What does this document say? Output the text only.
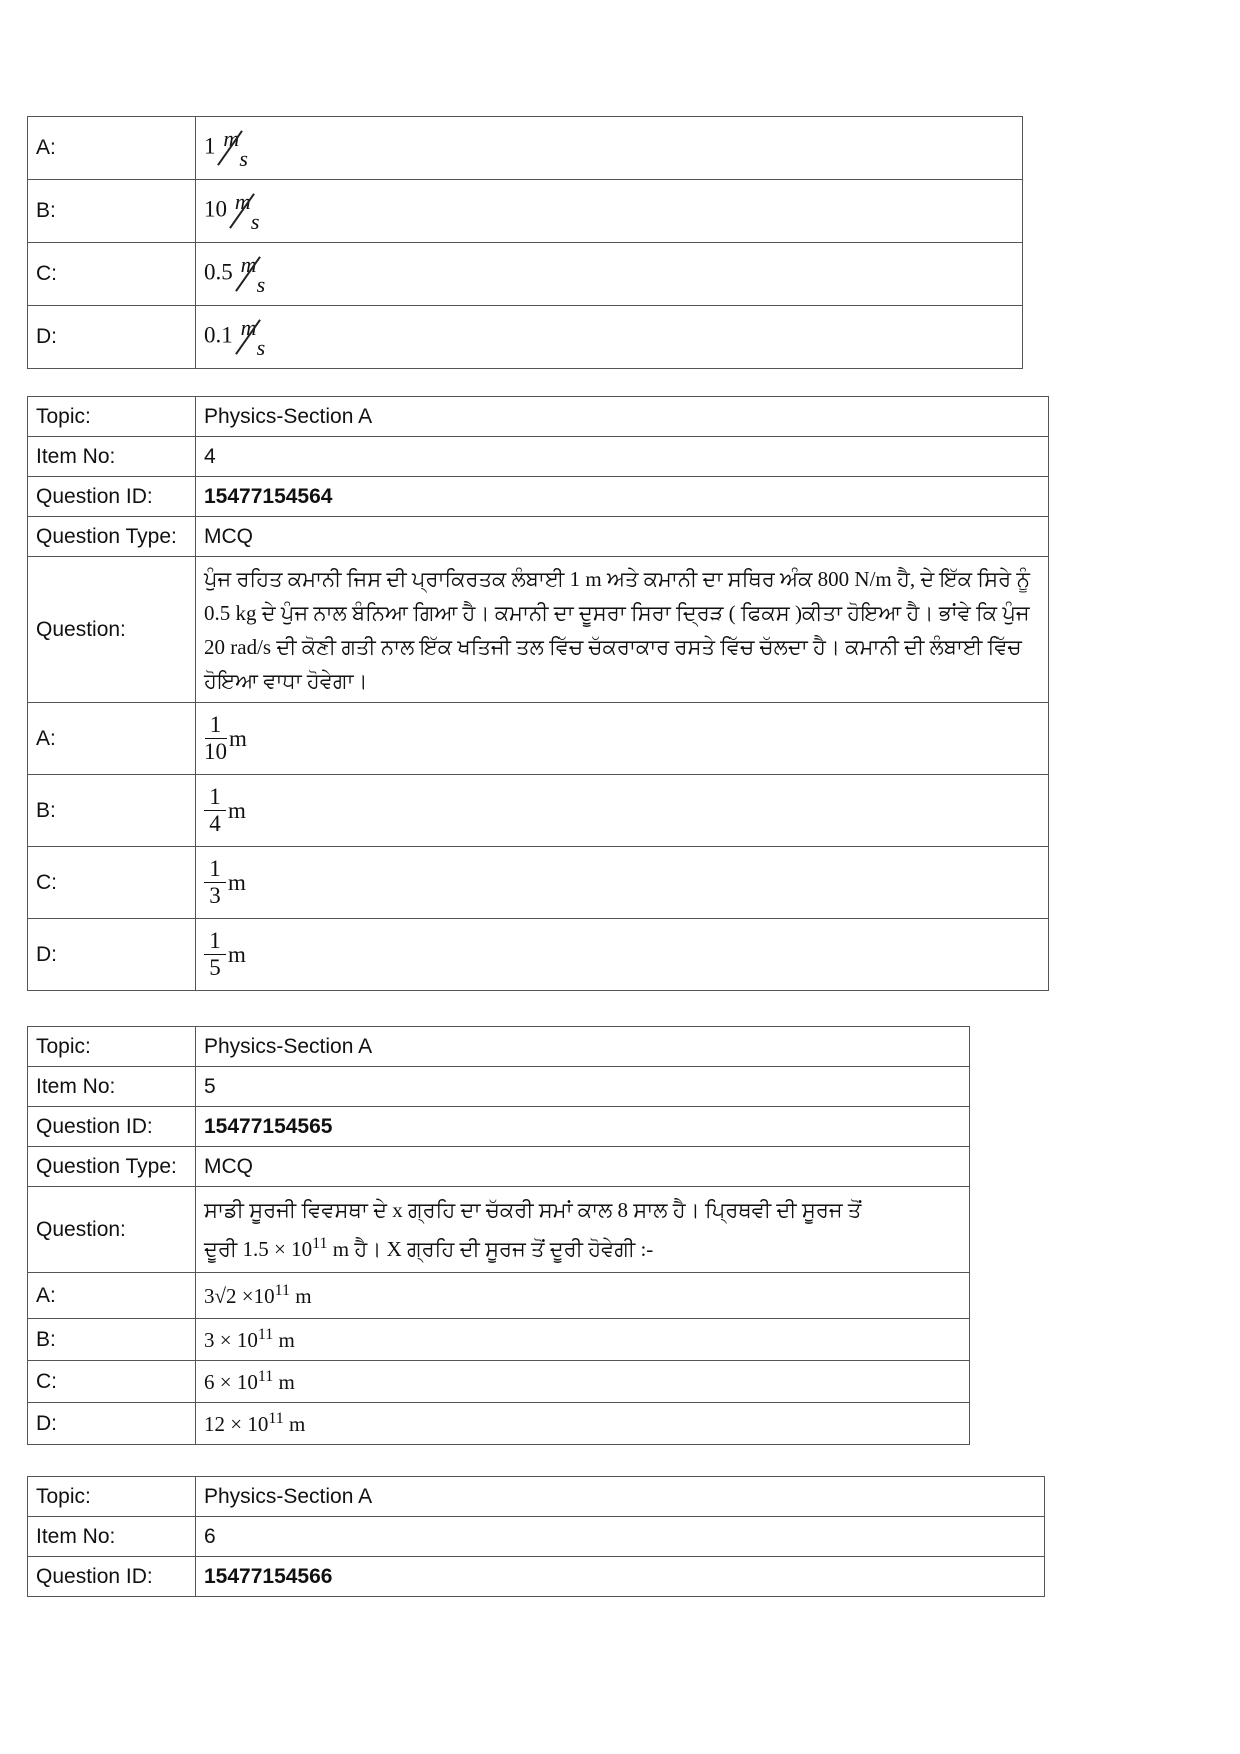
A:	1 m
s

B:	10 m
s

C:	0.5 m
s

D:	0.1 m
s
Topic:	Physics-Section A
Item No:	4
Question ID:	15477154564
Question Type:	MCQ
Question:	ਪੁੰਜ ਰਹਿਤ ਕਮਾਨੀ ਜਿਸ ਦੀ ਪ੍ਰਾਕਿਰਤਕ ਲੰਬਾਈ 1 m ਅਤੇ ਕਮਾਨੀ ਦਾ ਸਥਿਰ ਅੰਕ 800 N/m ਹੈ, ਦੇ ਇੱਕ ਸਿਰੇ ਨੂੰ 0.5 kg ਦੇ ਪੁੰਜ ਨਾਲ ਬੰਨਿਆ ਗਿਆ ਹੈ। ਕਮਾਨੀ ਦਾ ਦੂਸਰਾ ਸਿਰਾ ਦ੍ਰਿੜ ( ਫਿਕਸ )ਕੀਤਾ ਹੋਇਆ ਹੈ। ਭਾਂਵੇ ਕਿ ਪੁੰਜ 20 rad/s ਦੀ ਕੋਣੀ ਗਤੀ ਨਾਲ ਇੱਕ ਖਤਿਜੀ ਤਲ ਵਿੱਚ ਚੱਕਰਾਕਾਰ ਰਸਤੇ ਵਿੱਚ ਚੱਲਦਾ ਹੈ। ਕਮਾਨੀ ਦੀ ਲੰਬਾਈ ਵਿੱਚ ਹੋਇਆ ਵਾਧਾ ਹੋਵੇਗਾ।
A:	$\frac{1}{10}$ m
B:	$\frac{1}{4}$ m
C:	$\frac{1}{3}$ m
D:	$\frac{1}{5}$ m
Topic:	Physics-Section A
Item No:	5
Question ID:	15477154565
Question Type:	MCQ
Question:	ਸਾਡੀ ਸੂਰਜੀ ਵਿਵਸਥਾ ਦੇ x ਗ੍ਰਹਿ ਦਾ ਚੱਕਰੀ ਸਮਾਂ ਕਾਲ 8 ਸਾਲ ਹੈ। ਪ੍ਰਿਥਵੀ ਦੀ ਸੂਰਜ ਤੋਂ
ਦੂਰੀ $1.5 \times 10^{11}$ m ਹੈ। X ਗ੍ਰਹਿ ਦੀ ਸੂਰਜ ਤੋਂ ਦੂਰੀ ਹੋਵੇਗੀ :-

A:	$3√2 \times 10^{11}$ m
B:	$3 \times 10^{11}$ m
C:	$6 \times 10^{11}$ m
D:	$12 \times 10^{11}$ m
Topic:	Physics-Section A
Item No:	6
Question ID:	15477154566
